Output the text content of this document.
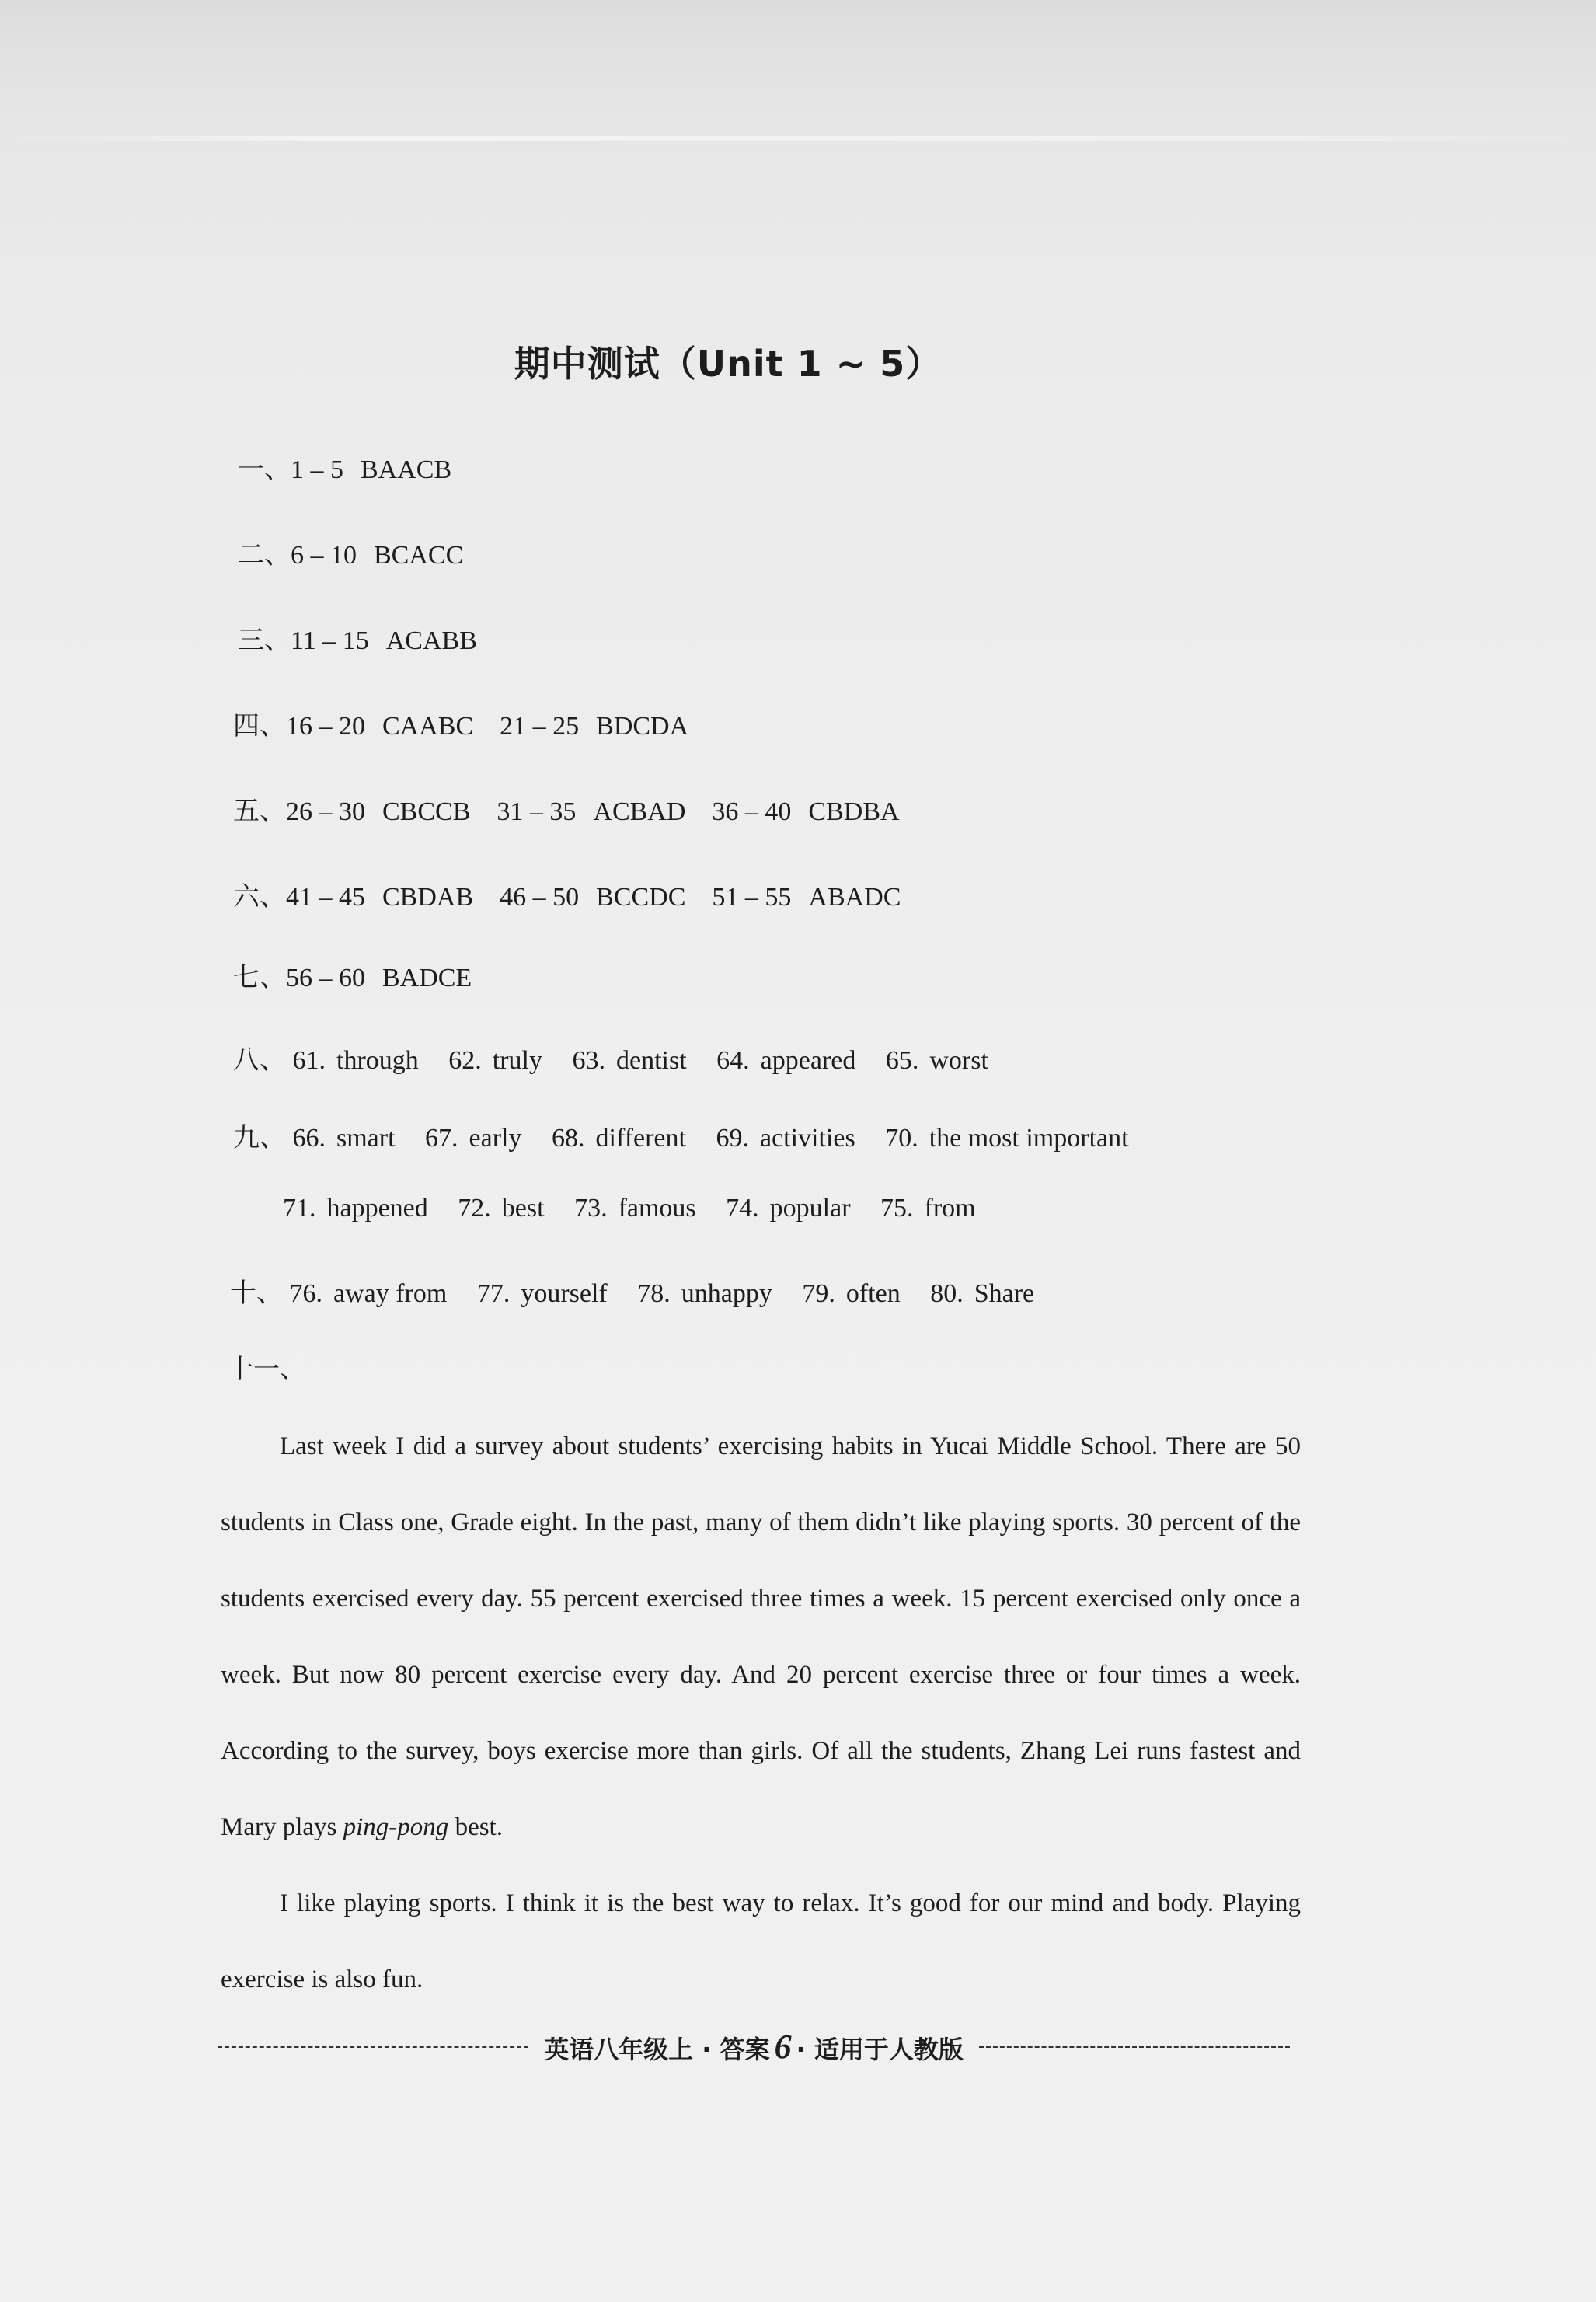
期中测试（Unit 1 ~ 5）
一、1 – 5 BAACB
二、6 – 10 BCACC
三、11 – 15 ACABB
四、16 – 20 CAABC 21 – 25 BDCDA
五、26 – 30 CBCCB 31 – 35 ACBAD 36 – 40 CBDBA
六、41 – 45 CBDAB 46 – 50 BCCDC 51 – 55 ABADC
七、56 – 60 BADCE
八、 61. through 62. truly 63. dentist 64. appeared 65. worst
九、 66. smart 67. early 68. different 69. activities 70. the most important
71. happened 72. best 73. famous 74. popular 75. from
十、 76. away from 77. yourself 78. unhappy 79. often 80. Share
十一、

Last week I did a survey about students’ exercising habits in Yucai Middle School. There are 50 students in Class one, Grade eight. In the past, many of them didn’t like playing sports. 30 percent of the students exercised every day. 55 percent exercised three times a week. 15 percent exercised only once a week. But now 80 percent exercise every day. And 20 percent exercise three or four times a week. According to the survey, boys exercise more than girls. Of all the students, Zhang Lei runs fastest and Mary plays ping-pong best.

I like playing sports. I think it is the best way to relax. It’s good for our mind and body. Playing exercise is also fun.

英语八年级上 · 答案 6 · 适用于人教版
